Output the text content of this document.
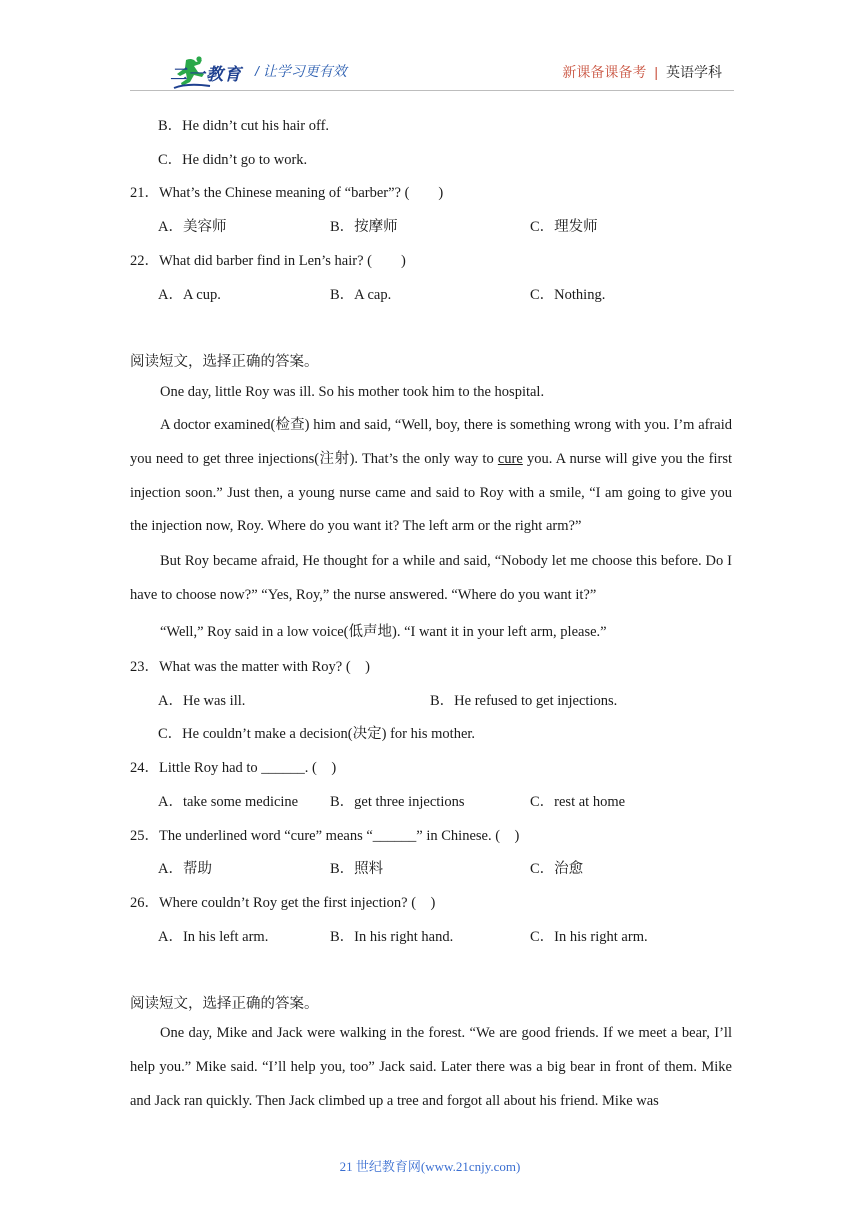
二一教育 / 让学习更有效	新课备课备考 | 英语学科
B．He didn’t cut his hair off.
C．He didn’t go to work.
21．What’s the Chinese meaning of “barber”? (　　)
A．美容师	B．按摩师	C．理发师
22．What did barber find in Len’s hair? (　　)
A．A cup.	B．A cap.	C．Nothing.
阅读短文，选择正确的答案。
One day, little Roy was ill. So his mother took him to the hospital.
A doctor examined(检查) him and said, “Well, boy, there is something wrong with you. I’m afraid you need to get three injections(注射). That’s the only way to cure you. A nurse will give you the first injection soon.” Just then, a young nurse came and said to Roy with a smile, “I am going to give you the injection now, Roy. Where do you want it? The left arm or the right arm?”
But Roy became afraid, He thought for a while and said, “Nobody let me choose this before. Do I have to choose now?” “Yes, Roy,” the nurse answered. “Where do you want it?”
“Well,” Roy said in a low voice(低声地). “I want it in your left arm, please.”
23．What was the matter with Roy? (　)
A．He was ill.	B．He refused to get injections.
C．He couldn’t make a decision(决定) for his mother.
24．Little Roy had to ______. (　)
A．take some medicine B．get three injections	C．rest at home
25．The underlined word “cure” means “______” in Chinese. (　)
A．帮助	B．照料	C．治愈
26．Where couldn’t Roy get the first injection? (　)
A．In his left arm.	B．In his right hand.	C．In his right arm.
阅读短文，选择正确的答案。
One day, Mike and Jack were walking in the forest. “We are good friends. If we meet a bear, I’ll help you.” Mike said. “I’ll help you, too” Jack said. Later there was a big bear in front of them. Mike and Jack ran quickly. Then Jack climbed up a tree and forgot all about his friend. Mike was
21 世纪教育网(www.21cnjy.com)
